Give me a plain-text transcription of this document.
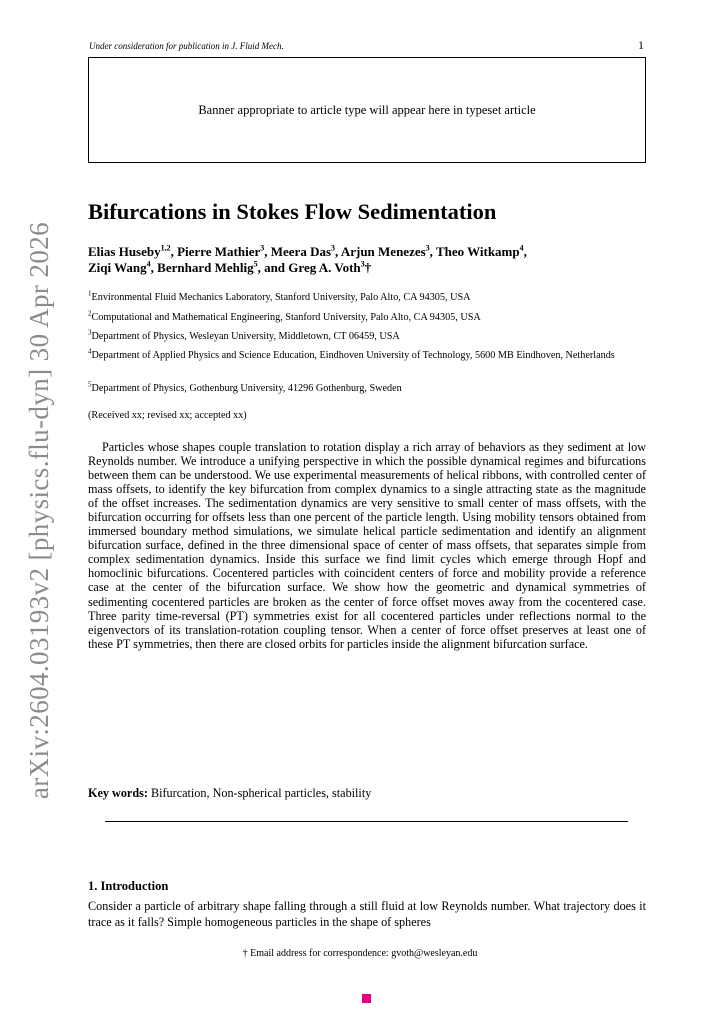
Under consideration for publication in J. Fluid Mech.	1
Banner appropriate to article type will appear here in typeset article
arXiv:2604.03193v2 [physics.flu-dyn] 30 Apr 2026
Bifurcations in Stokes Flow Sedimentation
Elias Huseby$^{1,2}$, Pierre Mathier$^3$, Meera Das$^3$, Arjun Menezes$^3$, Theo Witkamp$^4$,
Ziqi Wang$^4$, Bernhard Mehlig$^5$, and Greg A. Voth$^3$†
$^1$Environmental Fluid Mechanics Laboratory, Stanford University, Palo Alto, CA 94305, USA
$^2$Computational and Mathematical Engineering, Stanford University, Palo Alto, CA 94305, USA
$^3$Department of Physics, Wesleyan University, Middletown, CT 06459, USA
$^4$Department of Applied Physics and Science Education, Eindhoven University of Technology, 5600 MB Eindhoven, Netherlands
$^5$Department of Physics, Gothenburg University, 41296 Gothenburg, Sweden
(Received xx; revised xx; accepted xx)

Particles whose shapes couple translation to rotation display a rich array of behaviors as they sediment at low Reynolds number. We introduce a unifying perspective in which the possible dynamical regimes and bifurcations between them can be understood. We use experimental measurements of helical ribbons, with controlled center of mass offsets, to identify the key bifurcation from complex dynamics to a single attracting state as the magnitude of the offset increases. The sedimentation dynamics are very sensitive to small center of mass offsets, with the bifurcation occurring for offsets less than one percent of the particle length. Using mobility tensors obtained from immersed boundary method simulations, we simulate helical particle sedimentation and identify an alignment bifurcation surface, defined in the three dimensional space of center of mass offsets, that separates simple from complex sedimentation dynamics. Inside this surface we find limit cycles which emerge through Hopf and homoclinic bifurcations. Cocentered particles with coincident centers of force and mobility provide a reference case at the center of the bifurcation surface. We show how the geometric and dynamical symmetries of sedimenting cocentered particles are broken as the center of force offset moves away from the cocentered case. Three parity time-reversal (PT) symmetries exist for all cocentered particles under reflections normal to the eigenvectors of its translation-rotation coupling tensor. When a center of force offset preserves at least one of these PT symmetries, then there are closed orbits for particles inside the alignment bifurcation surface.

Key words: Bifurcation, Non-spherical particles, stability
1. Introduction

Consider a particle of arbitrary shape falling through a still fluid at low Reynolds number. What trajectory does it trace as it falls? Simple homogeneous particles in the shape of spheres

† Email address for correspondence: gvoth@wesleyan.edu
